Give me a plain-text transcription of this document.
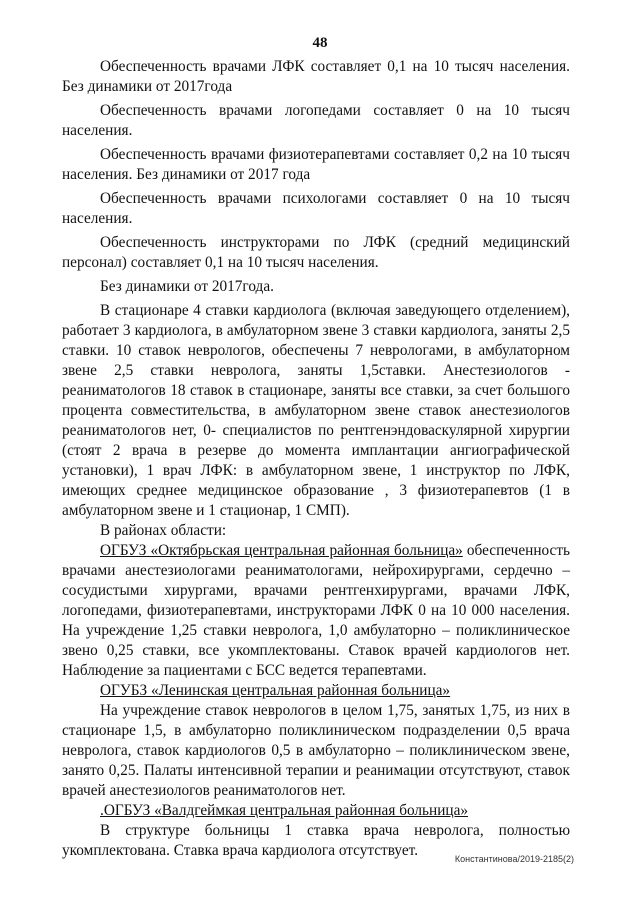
48

Обеспеченность врачами ЛФК составляет 0,1 на 10 тысяч населения. Без динамики от 2017года

Обеспеченность врачами логопедами составляет 0 на 10 тысяч населения.

Обеспеченность врачами физиотерапевтами составляет 0,2 на 10 тысяч населения. Без динамики от 2017 года

Обеспеченность врачами психологами составляет 0 на 10 тысяч населения.

Обеспеченность инструкторами по ЛФК (средний медицинский персонал) составляет 0,1 на 10 тысяч населения.

Без динамики от 2017года.

В стационаре 4 ставки кардиолога (включая заведующего отделением), работает 3 кардиолога, в амбулаторном звене 3 ставки кардиолога, заняты 2,5 ставки. 10 ставок неврологов, обеспечены 7 неврологами, в амбулаторном звене 2,5 ставки невролога, заняты 1,5ставки. Анестезиологов - реаниматологов 18 ставок в стационаре, заняты все ставки, за счет большого процента совместительства, в амбулаторном звене ставок анестезиологов реаниматологов нет, 0- специалистов по рентгенэндоваскулярной хирургии (стоят 2 врача в резерве до момента имплантации ангиографической установки), 1 врач ЛФК: в амбулаторном звене, 1 инструктор по ЛФК, имеющих среднее медицинское образование , 3 физиотерапевтов (1 в амбулаторном звене и 1 стационар, 1 СМП).

В районах области:

ОГБУЗ «Октябрьская центральная районная больница» обеспеченность врачами анестезиологами реаниматологами, нейрохирургами, сердечно – сосудистыми хирургами, врачами рентгенхирургами, врачами ЛФК, логопедами, физиотерапевтами, инструкторами ЛФК 0 на 10 000 населения. На учреждение 1,25 ставки невролога, 1,0 амбулаторно – поликлиническое звено 0,25 ставки, все укомплектованы. Ставок врачей кардиологов нет. Наблюдение за пациентами с БСС ведется терапевтами.

ОГУБЗ «Ленинская центральная районная больница»

На учреждение ставок неврологов в целом 1,75, занятых 1,75, из них в стационаре 1,5, в амбулаторно поликлиническом подразделении 0,5 врача невролога, ставок кардиологов 0,5 в амбулаторно – поликлиническом звене, занято 0,25. Палаты интенсивной терапии и реанимации отсутствуют, ставок врачей анестезиологов реаниматологов нет.

.ОГБУЗ «Валдгеймкая центральная районная больница»

В структуре больницы 1 ставка врача невролога, полностью укомплектована. Ставка врача кардиолога отсутствует.	Константинова/2019-2185(2)
